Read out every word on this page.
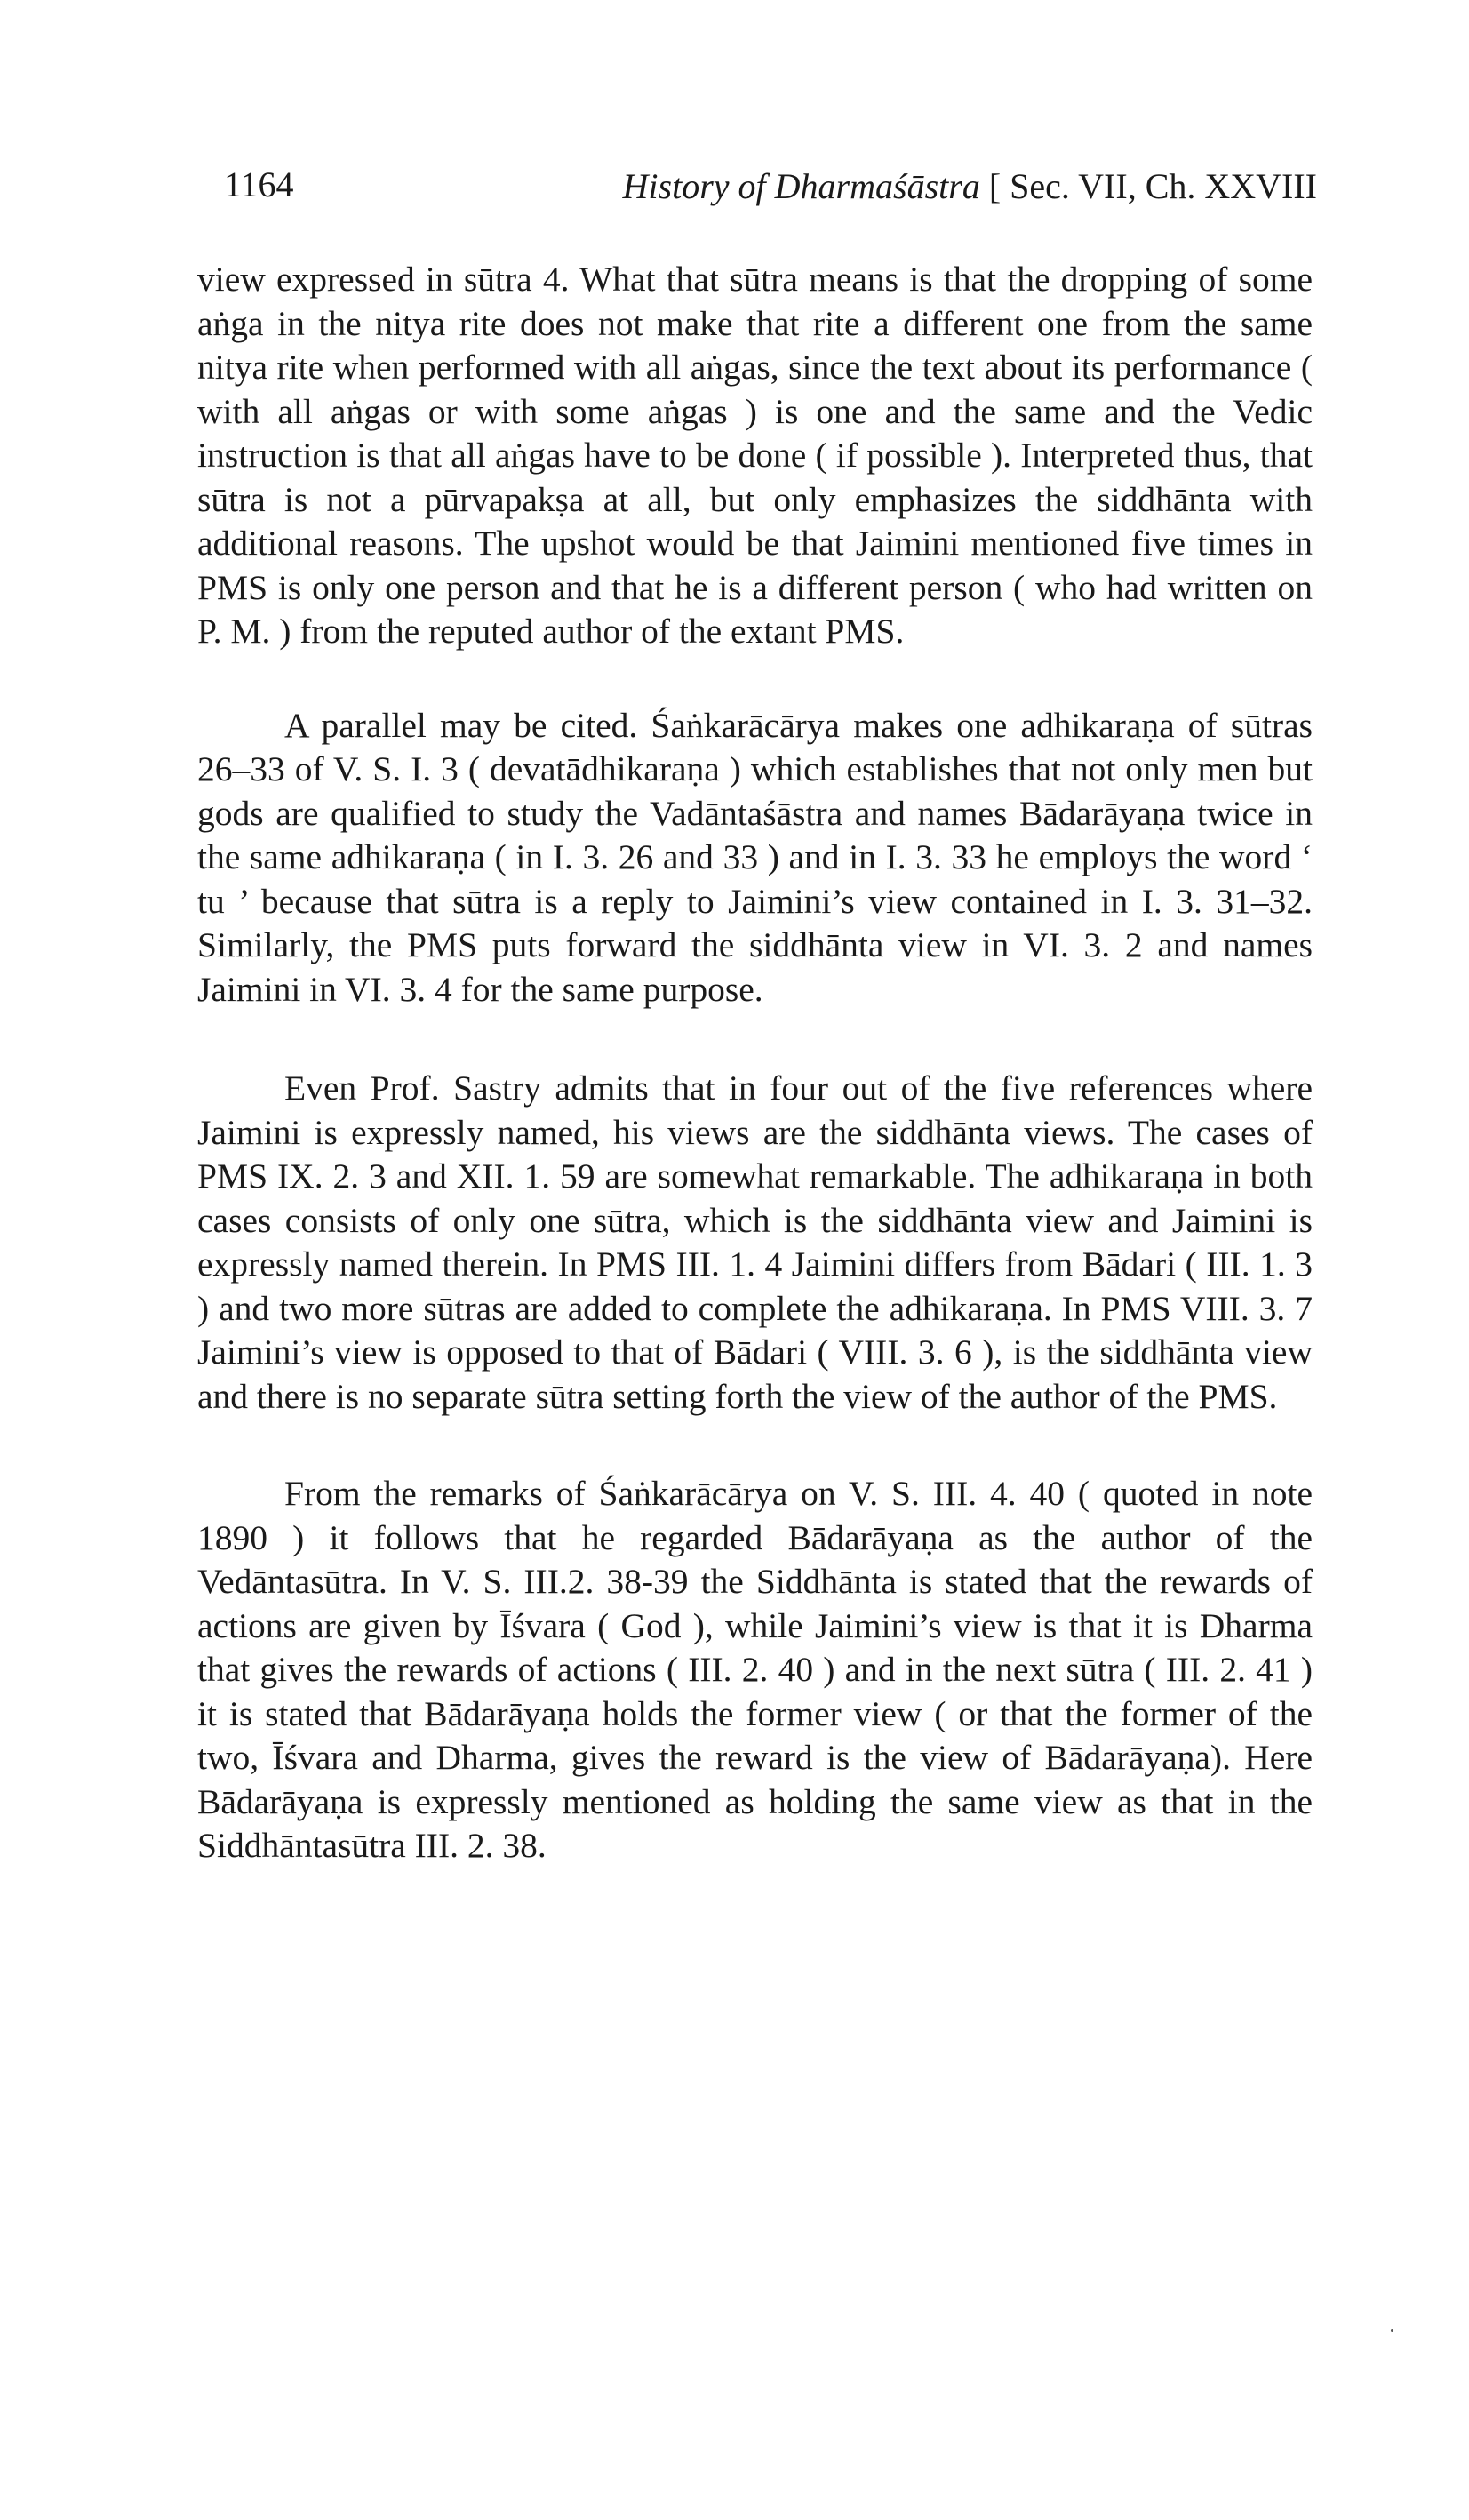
1164	History of Dharmaśāstra [ Sec. VII, Ch. XXVIII

view expressed in sūtra 4. What that sūtra means is that the dropping of some aṅga in the nitya rite does not make that rite a different one from the same nitya rite when performed with all aṅgas, since the text about its performance ( with all aṅgas or with some aṅgas ) is one and the same and the Vedic instruction is that all aṅgas have to be done ( if possible ). Interpreted thus, that sūtra is not a pūrvapakṣa at all, but only emphasizes the siddhānta with additional reasons. The upshot would be that Jaimini mentioned five times in PMS is only one person and that he is a different person ( who had written on P. M. ) from the reputed author of the extant PMS.

A parallel may be cited. Śaṅkarācārya makes one adhikaraṇa of sūtras 26–33 of V. S. I. 3 ( devatādhikaraṇa ) which establishes that not only men but gods are qualified to study the Vadāntaśāstra and names Bādarāyaṇa twice in the same adhikaraṇa ( in I. 3. 26 and 33 ) and in I. 3. 33 he employs the word ‘ tu ’ because that sūtra is a reply to Jaimini’s view contained in I. 3. 31–32. Similarly, the PMS puts forward the siddhānta view in VI. 3. 2 and names Jaimini in VI. 3. 4 for the same purpose.

Even Prof. Sastry admits that in four out of the five references where Jaimini is expressly named, his views are the siddhānta views. The cases of PMS IX. 2. 3 and XII. 1. 59 are somewhat remarkable. The adhikaraṇa in both cases consists of only one sūtra, which is the siddhānta view and Jaimini is expressly named therein. In PMS III. 1. 4 Jaimini differs from Bādari ( III. 1. 3 ) and two more sūtras are added to complete the adhikaraṇa. In PMS VIII. 3. 7 Jaimini’s view is opposed to that of Bādari ( VIII. 3. 6 ), is the siddhānta view and there is no separate sūtra setting forth the view of the author of the PMS.

From the remarks of Śaṅkarācārya on V. S. III. 4. 40 ( quoted in note 1890 ) it follows that he regarded Bādarāyaṇa as the author of the Vedāntasūtra. In V. S. III.2. 38-39 the Siddhānta is stated that the rewards of actions are given by Īśvara ( God ), while Jaimini’s view is that it is Dharma that gives the rewards of actions ( III. 2. 40 ) and in the next sūtra ( III. 2. 41 ) it is stated that Bādarāyaṇa holds the former view ( or that the former of the two, Īśvara and Dharma, gives the reward is the view of Bādarāyaṇa). Here Bādarāyaṇa is expressly mentioned as holding the same view as that in the Siddhāntasūtra III. 2. 38.
